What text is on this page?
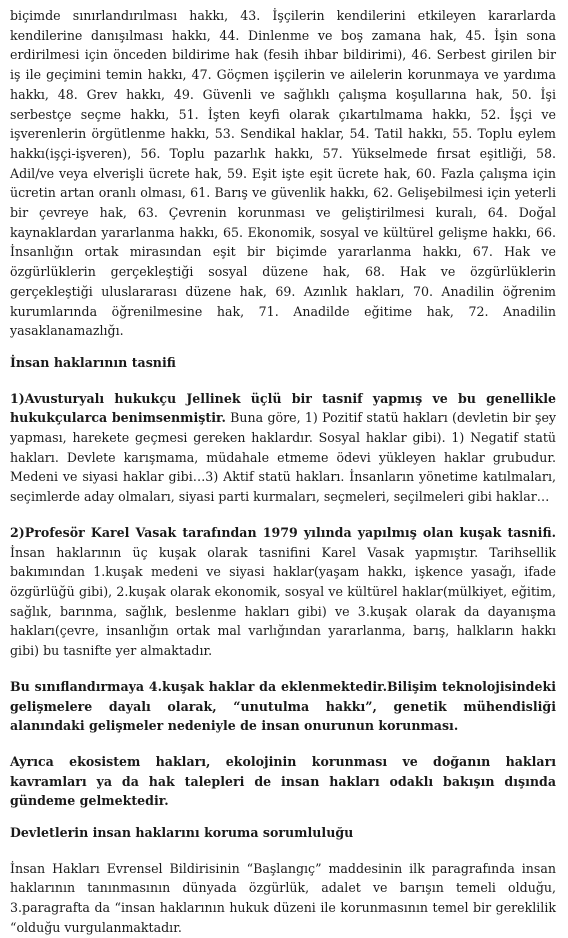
biçimde sınırlandırılması hakkı, 43. İşçilerin kendilerini etkileyen kararlarda kendilerine danışılması hakkı, 44. Dinlenme ve boş zamana hak, 45. İşin sona erdirilmesi için önceden bildirime hak (fesih ihbar bildirimi), 46. Serbest girilen bir iş ile geçimini temin hakkı, 47. Göçmen işçilerin ve ailelerin korunmaya ve yardıma hakkı, 48. Grev hakkı, 49. Güvenli ve sağlıklı çalışma koşullarına hak, 50. İşi serbestçe seçme hakkı, 51. İşten keyfi olarak çıkartılmama hakkı, 52. İşçi ve işverenlerin örgütlenme hakkı, 53. Sendikal haklar, 54. Tatil hakkı, 55. Toplu eylem hakkı(işçi-işveren), 56. Toplu pazarlık hakkı, 57. Yükselmede fırsat eşitliği, 58. Adil/ve veya elverişli ücrete hak, 59. Eşit işte eşit ücrete hak, 60. Fazla çalışma için ücretin artan oranlı olması, 61. Barış ve güvenlik hakkı, 62. Gelişebilmesi için yeterli bir çevreye hak, 63. Çevrenin korunması ve geliştirilmesi kuralı, 64. Doğal kaynaklardan yararlanma hakkı, 65. Ekonomik, sosyal ve kültürel gelişme hakkı, 66. İnsanlığın ortak mirasından eşit bir biçimde yararlanma hakkı, 67. Hak ve özgürlüklerin gerçekleştiği sosyal düzene hak, 68. Hak ve özgürlüklerin gerçekleştiği uluslararası düzene hak, 69. Azınlık hakları, 70. Anadilin öğrenim kurumlarında öğrenilmesine hak, 71. Anadilde eğitime hak, 72. Anadilin yasaklanamazlığı.

İnsan haklarının tasnifi

1)Avusturyalı hukukçu Jellinek üçlü bir tasnif yapmış ve bu genellikle hukukçularca benimsenmiştir. Buna göre, 1) Pozitif statü hakları (devletin bir şey yapması, harekete geçmesi gereken haklardır. Sosyal haklar gibi). 1) Negatif statü hakları. Devlete karışmama, müdahale etmeme ödevi yükleyen haklar grubudur. Medeni ve siyasi haklar gibi…3) Aktif statü hakları. İnsanların yönetime katılmaları, seçimlerde aday olmaları, siyasi parti kurmaları, seçmeleri, seçilmeleri gibi haklar…

2)Profesör Karel Vasak tarafından 1979 yılında yapılmış olan kuşak tasnifi. İnsan haklarının üç kuşak olarak tasnifini Karel Vasak yapmıştır. Tarihsellik bakımından 1.kuşak medeni ve siyasi haklar(yaşam hakkı, işkence yasağı, ifade özgürlüğü gibi), 2.kuşak olarak ekonomik, sosyal ve kültürel haklar(mülkiyet, eğitim, sağlık, barınma, sağlık, beslenme hakları gibi) ve 3.kuşak olarak da dayanışma hakları(çevre, insanlığın ortak mal varlığından yararlanma, barış, halkların hakkı gibi) bu tasnifte yer almaktadır.

Bu sınıflandırmaya 4.kuşak haklar da eklenmektedir.Bilişim teknolojisindeki gelişmelere dayalı olarak, “unutulma hakkı”, genetik mühendisliği alanındaki gelişmeler nedeniyle de insan onurunun korunması.

Ayrıca ekosistem hakları, ekolojinin korunması ve doğanın hakları kavramları ya da hak talepleri de insan hakları odaklı bakışın dışında gündeme gelmektedir.

Devletlerin insan haklarını koruma sorumluluğu

İnsan Hakları Evrensel Bildirisinin “Başlangıç” maddesinin ilk paragrafında insan haklarının tanınmasının dünyada özgürlük, adalet ve barışın temeli olduğu, 3.paragrafta da “insan haklarının hukuk düzeni ile korunmasının temel bir gereklilik “olduğu vurgulanmaktadır.
